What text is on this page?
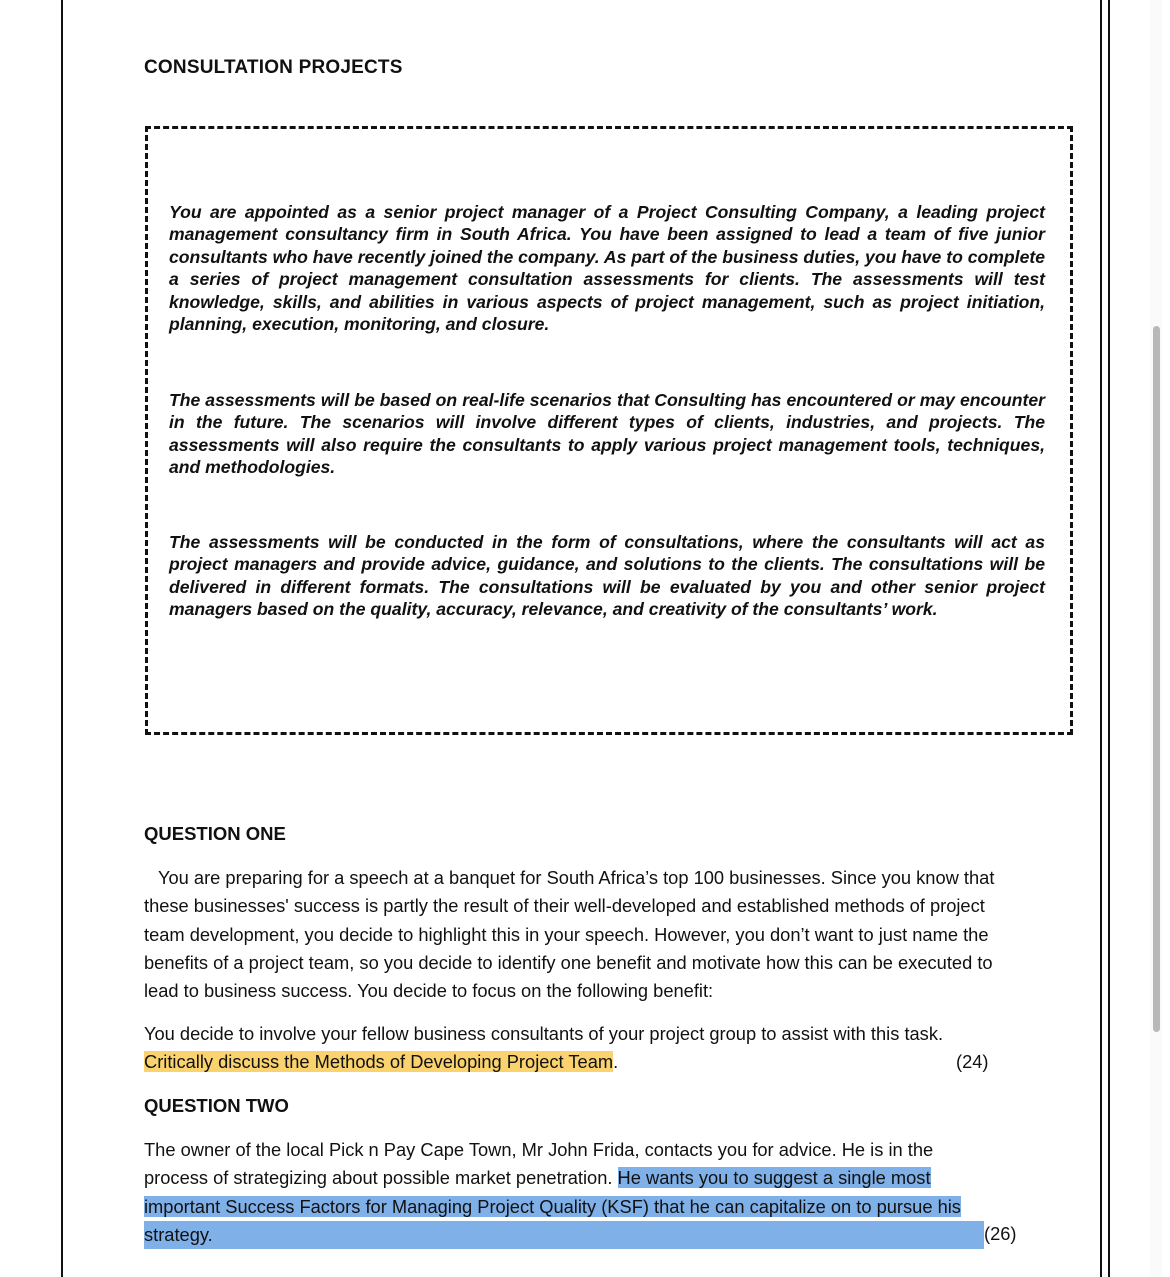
CONSULTATION PROJECTS

You are appointed as a senior project manager of a Project Consulting Company, a leading project management consultancy firm in South Africa. You have been assigned to lead a team of five junior consultants who have recently joined the company. As part of the business duties, you have to complete a series of project management consultation assessments for clients. The assessments will test knowledge, skills, and abilities in various aspects of project management, such as project initiation, planning, execution, monitoring, and closure.

The assessments will be based on real-life scenarios that Consulting has encountered or may encounter in the future. The scenarios will involve different types of clients, industries, and projects. The assessments will also require the consultants to apply various project management tools, techniques, and methodologies.

The assessments will be conducted in the form of consultations, where the consultants will act as project managers and provide advice, guidance, and solutions to the clients. The consultations will be delivered in different formats. The consultations will be evaluated by you and other senior project managers based on the quality, accuracy, relevance, and creativity of the consultants’ work.

QUESTION ONE

You are preparing for a speech at a banquet for South Africa’s top 100 businesses. Since you know that these businesses' success is partly the result of their well-developed and established methods of project team development, you decide to highlight this in your speech. However, you don’t want to just name the benefits of a project team, so you decide to identify one benefit and motivate how this can be executed to lead to business success. You decide to focus on the following benefit:

You decide to involve your fellow business consultants of your project group to assist with this task.
Critically discuss the Methods of Developing Project Team.	(24)
QUESTION TWO

The owner of the local Pick n Pay Cape Town, Mr John Frida, contacts you for advice. He is in the
process of strategizing about possible market penetration. He wants you to suggest a single most
important Success Factors for Managing Project Quality (KSF) that he can capitalize on to pursue his
strategy.	(26)
